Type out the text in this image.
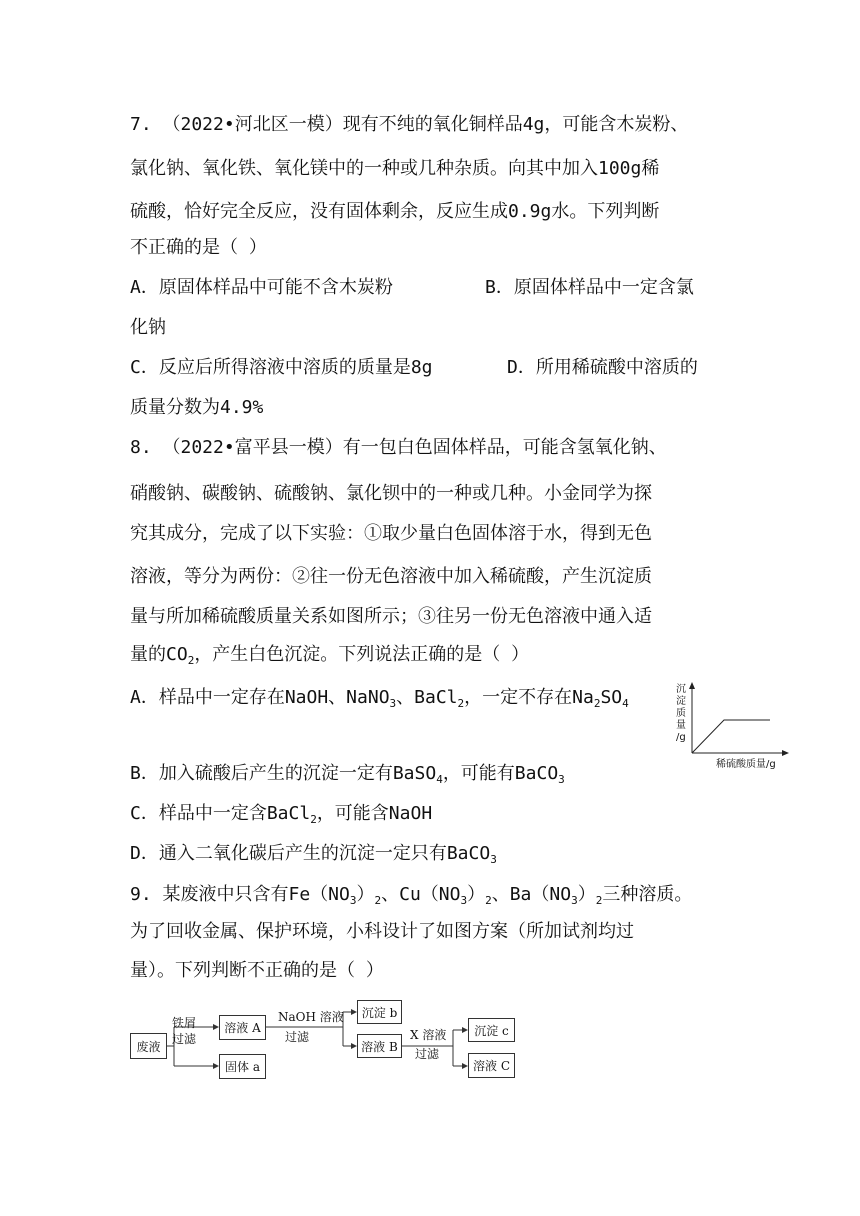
7. （2022•河北区一模）现有不纯的氧化铜样品4g，可能含木炭粉、
氯化钠、氧化铁、氧化镁中的一种或几种杂质。向其中加入100g稀
硫酸，恰好完全反应，没有固体剩余，反应生成0.9g水。下列判断
不正确的是（ ）
A．原固体样品中可能不含木炭粉	B．原固体样品中一定含氯
化钠
C．反应后所得溶液中溶质的质量是8g	D．所用稀硫酸中溶质的
质量分数为4.9%
8. （2022•富平县一模）有一包白色固体样品，可能含氢氧化钠、
硝酸钠、碳酸钠、硫酸钠、氯化钡中的一种或几种。小金同学为探
究其成分，完成了以下实验：①取少量白色固体溶于水，得到无色
溶液，等分为两份：②往一份无色溶液中加入稀硫酸，产生沉淀质
量与所加稀硫酸质量关系如图所示；③往另一份无色溶液中通入适
量的$CO_2$，产生白色沉淀。下列说法正确的是（ ）
A．样品中一定存在NaOH、NaNO$_3$、BaCl$_2$，一定不存在$Na_2SO_4$
B．加入硫酸后产生的沉淀一定有BaSO$_4$，可能有BaCO$_3$
C．样品中一定含BaCl$_2$，可能含NaOH
D．通入二氧化碳后产生的沉淀一定只有BaCO$_3$
沉
淀
质
量
/g
稀硫酸质量/g
9. 某废液中只含有$Fe(NO_3)_2$、$Cu(NO_3)_2$、$Ba(NO_3)_2$三种溶质。
为了回收金属、保护环境，小科设计了如图方案（所加试剂均过
量）。下列判断不正确的是（ ）
废液
铁屑
过滤
溶液 A
固体 a
NaOH 溶液
过滤
沉淀 b
溶液 B
X 溶液
过滤
沉淀 c
溶液 C
